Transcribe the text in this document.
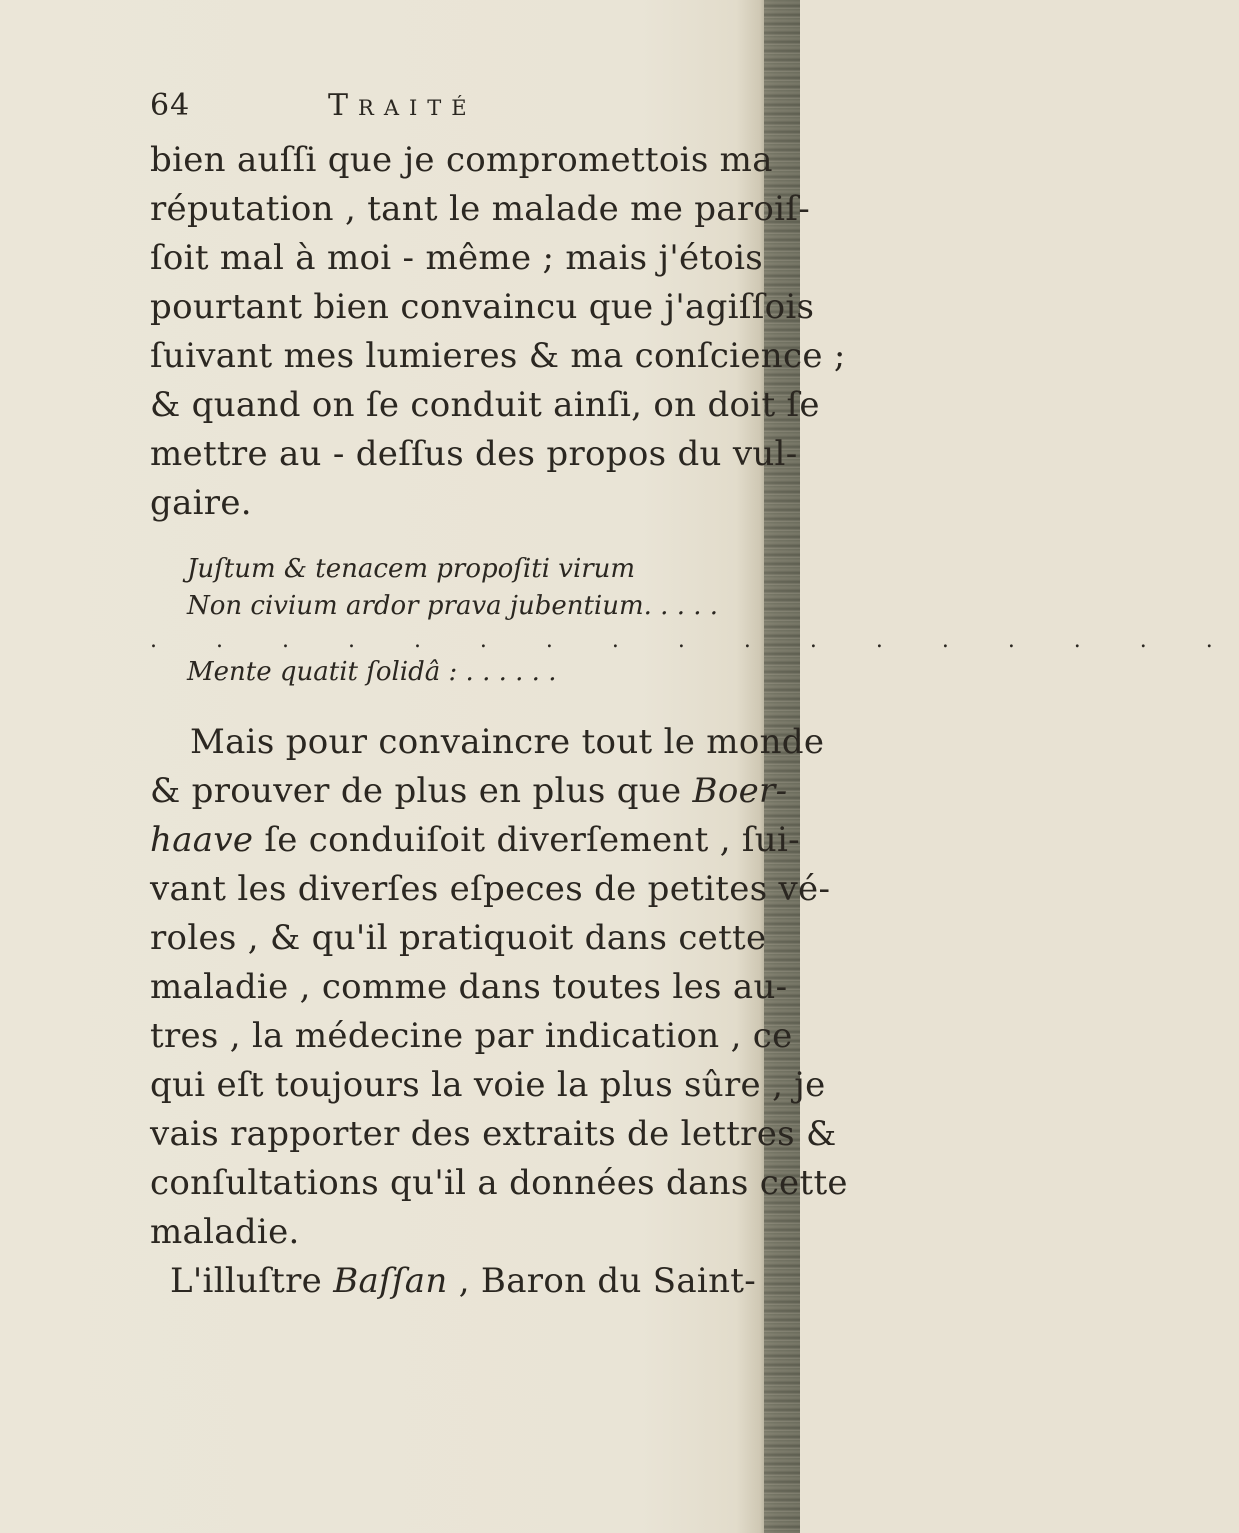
64	Traité
bien auſſi que je compromettois ma
réputation , tant le malade me paroiſ-
ſoit mal à moi - même ; mais j'étois
pourtant bien convaincu que j'agiſſois
ſuivant mes lumieres & ma conſcience ;
& quand on ſe conduit ainſi, on doit ſe
mettre au - deſſus des propos du vul-
gaire.
Juſtum & tenacem propoſiti virum
Non civium ardor prava jubentium. . . . .
. . . . . . . . . . . . . . . . .
Mente quatit ſolidâ : . . . . . .
Mais pour convaincre tout le monde
& prouver de plus en plus que Boer-
haave ſe conduiſoit diverſement , ſui-
vant les diverſes eſpeces de petites vé-
roles , & qu'il pratiquoit dans cette
maladie , comme dans toutes les au-
tres , la médecine par indication , ce
qui eſt toujours la voie la plus sûre , je
vais rapporter des extraits de lettres &
conſultations qu'il a données dans cette
maladie.
L'illuſtre Baſſan , Baron du Saint-
